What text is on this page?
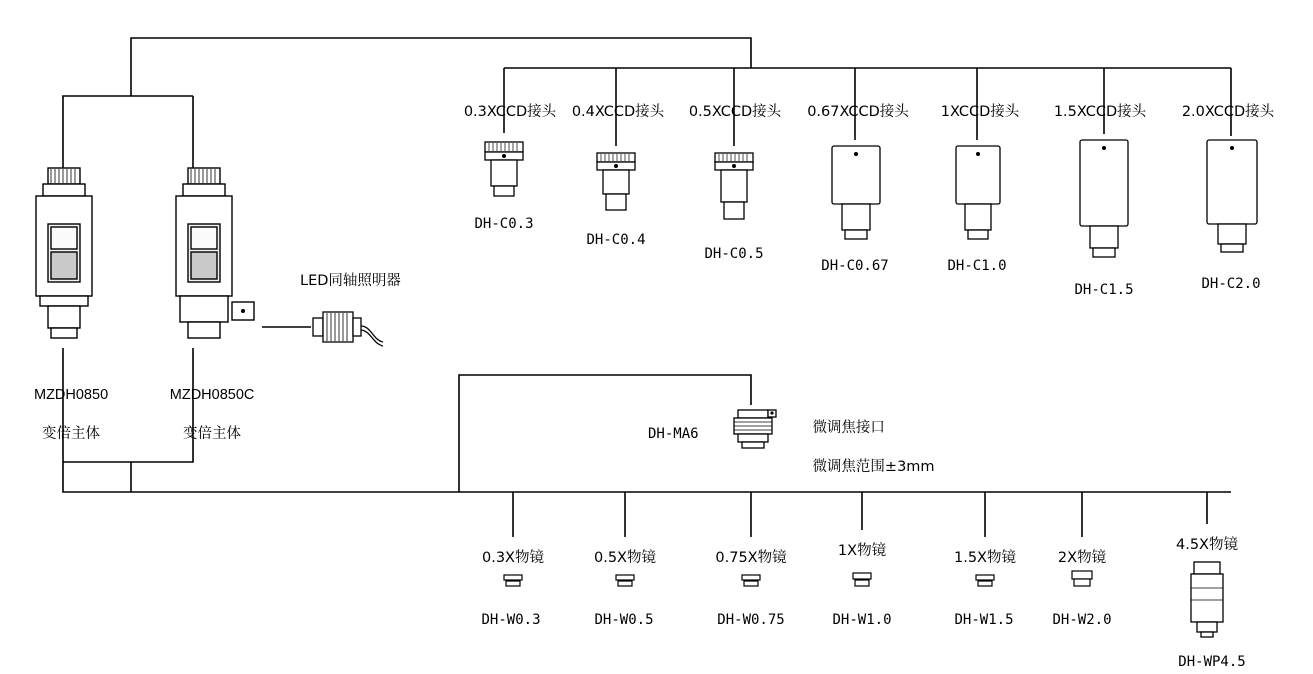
MZDH0850

变倍主体

MZDH0850C

变倍主体

LED同轴照明器
0.3XCCD接头 0.4XCCD接头 0.5XCCD接头 0.67XCCD接头 1XCCD接头 1.5XCCD接头 2.0XCCD接头
DH-C0.3
DH-C0.4
DH-C0.5
DH-C0.67	DH-C1.0
DH-C1.5	DH-C2.0
DH-MA6	微调焦接口

微调焦范围±3mm

0.3X物镜	0.5X物镜	0.75X物镜	1X物镜	1.5X物镜	2X物镜
4.5X物镜
DH-W0.3	DH-W0.5	DH-W0.75	DH-W1.0	DH-W1.5	DH-W2.0
DH-WP4.5
